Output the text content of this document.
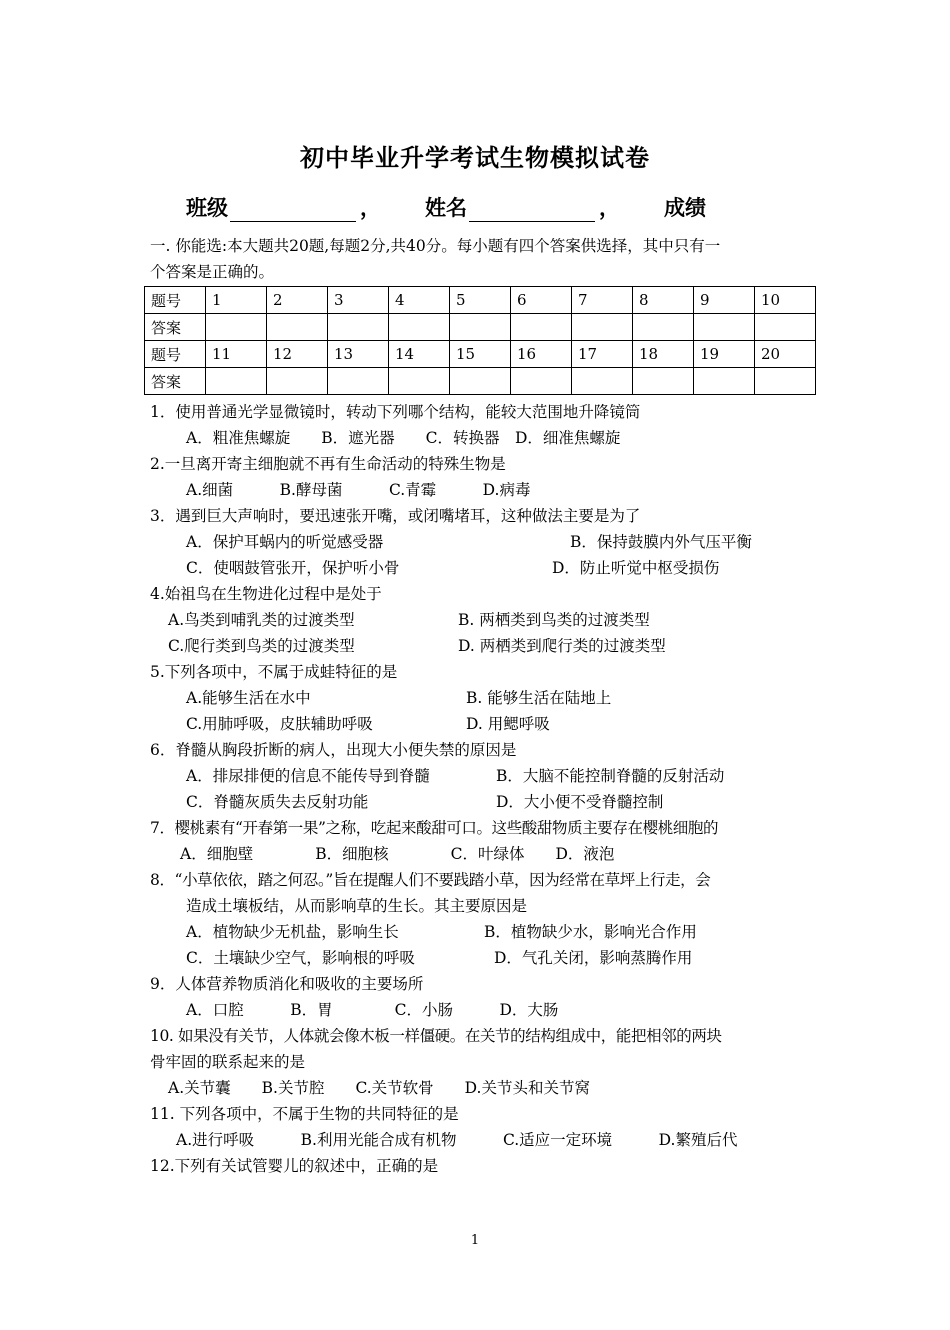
初中毕业升学考试生物模拟试卷
班级	， 姓名	， 成绩
一. 你能选:本大题共20题,每题2分,共40分。每小题有四个答案供选择，其中只有一
个答案是正确的。
题号	1	2	3	4	5	6	7	8	9	10
答案										
题号	11	12	13	14	15	16	17	18	19	20
答案										
1．使用普通光学显微镜时，转动下列哪个结构，能较大范围地升降镜筒
A．粗准焦螺旋　　B．遮光器　　C．转换器　D．细准焦螺旋
2.一旦离开寄主细胞就不再有生命活动的特殊生物是
A.细菌　　　B.酵母菌　　　C.青霉　　　D.病毒
3．遇到巨大声响时，要迅速张开嘴，或闭嘴堵耳，这种做法主要是为了
A．保护耳蜗内的听觉感受器	B．保持鼓膜内外气压平衡
C．使咽鼓管张开，保护听小骨	D．防止听觉中枢受损伤
4.始祖鸟在生物进化过程中是处于
A.鸟类到哺乳类的过渡类型	B. 两栖类到鸟类的过渡类型
C.爬行类到鸟类的过渡类型	D. 两栖类到爬行类的过渡类型
5.下列各项中，不属于成蛙特征的是
A.能够生活在水中	B. 能够生活在陆地上
C.用肺呼吸，皮肤辅助呼吸	D. 用鳃呼吸
6．脊髓从胸段折断的病人，出现大小便失禁的原因是
A．排尿排便的信息不能传导到脊髓	B．大脑不能控制脊髓的反射活动
C．脊髓灰质失去反射功能	D．大小便不受脊髓控制
7．樱桃素有“开春第一果”之称，吃起来酸甜可口。这些酸甜物质主要存在樱桃细胞的
A．细胞壁　　　　B．细胞核　　　　C．叶绿体　　D．液泡
8．“小草依依，踏之何忍。”旨在提醒人们不要践踏小草，因为经常在草坪上行走，会
造成土壤板结，从而影响草的生长。其主要原因是
A．植物缺少无机盐，影响生长	B．植物缺少水，影响光合作用
C．土壤缺少空气，影响根的呼吸	D．气孔关闭，影响蒸腾作用
9．人体营养物质消化和吸收的主要场所
A．口腔　　　B．胃　　　　C．小肠　　　D．大肠
10. 如果没有关节，人体就会像木板一样僵硬。在关节的结构组成中，能把相邻的两块
骨牢固的联系起来的是
A.关节囊　　B.关节腔　　C.关节软骨　　D.关节头和关节窝
11. 下列各项中，不属于生物的共同特征的是
A.进行呼吸　　　B.利用光能合成有机物　　　C.适应一定环境　　　D.繁殖后代
12.下列有关试管婴儿的叙述中，正确的是
1
